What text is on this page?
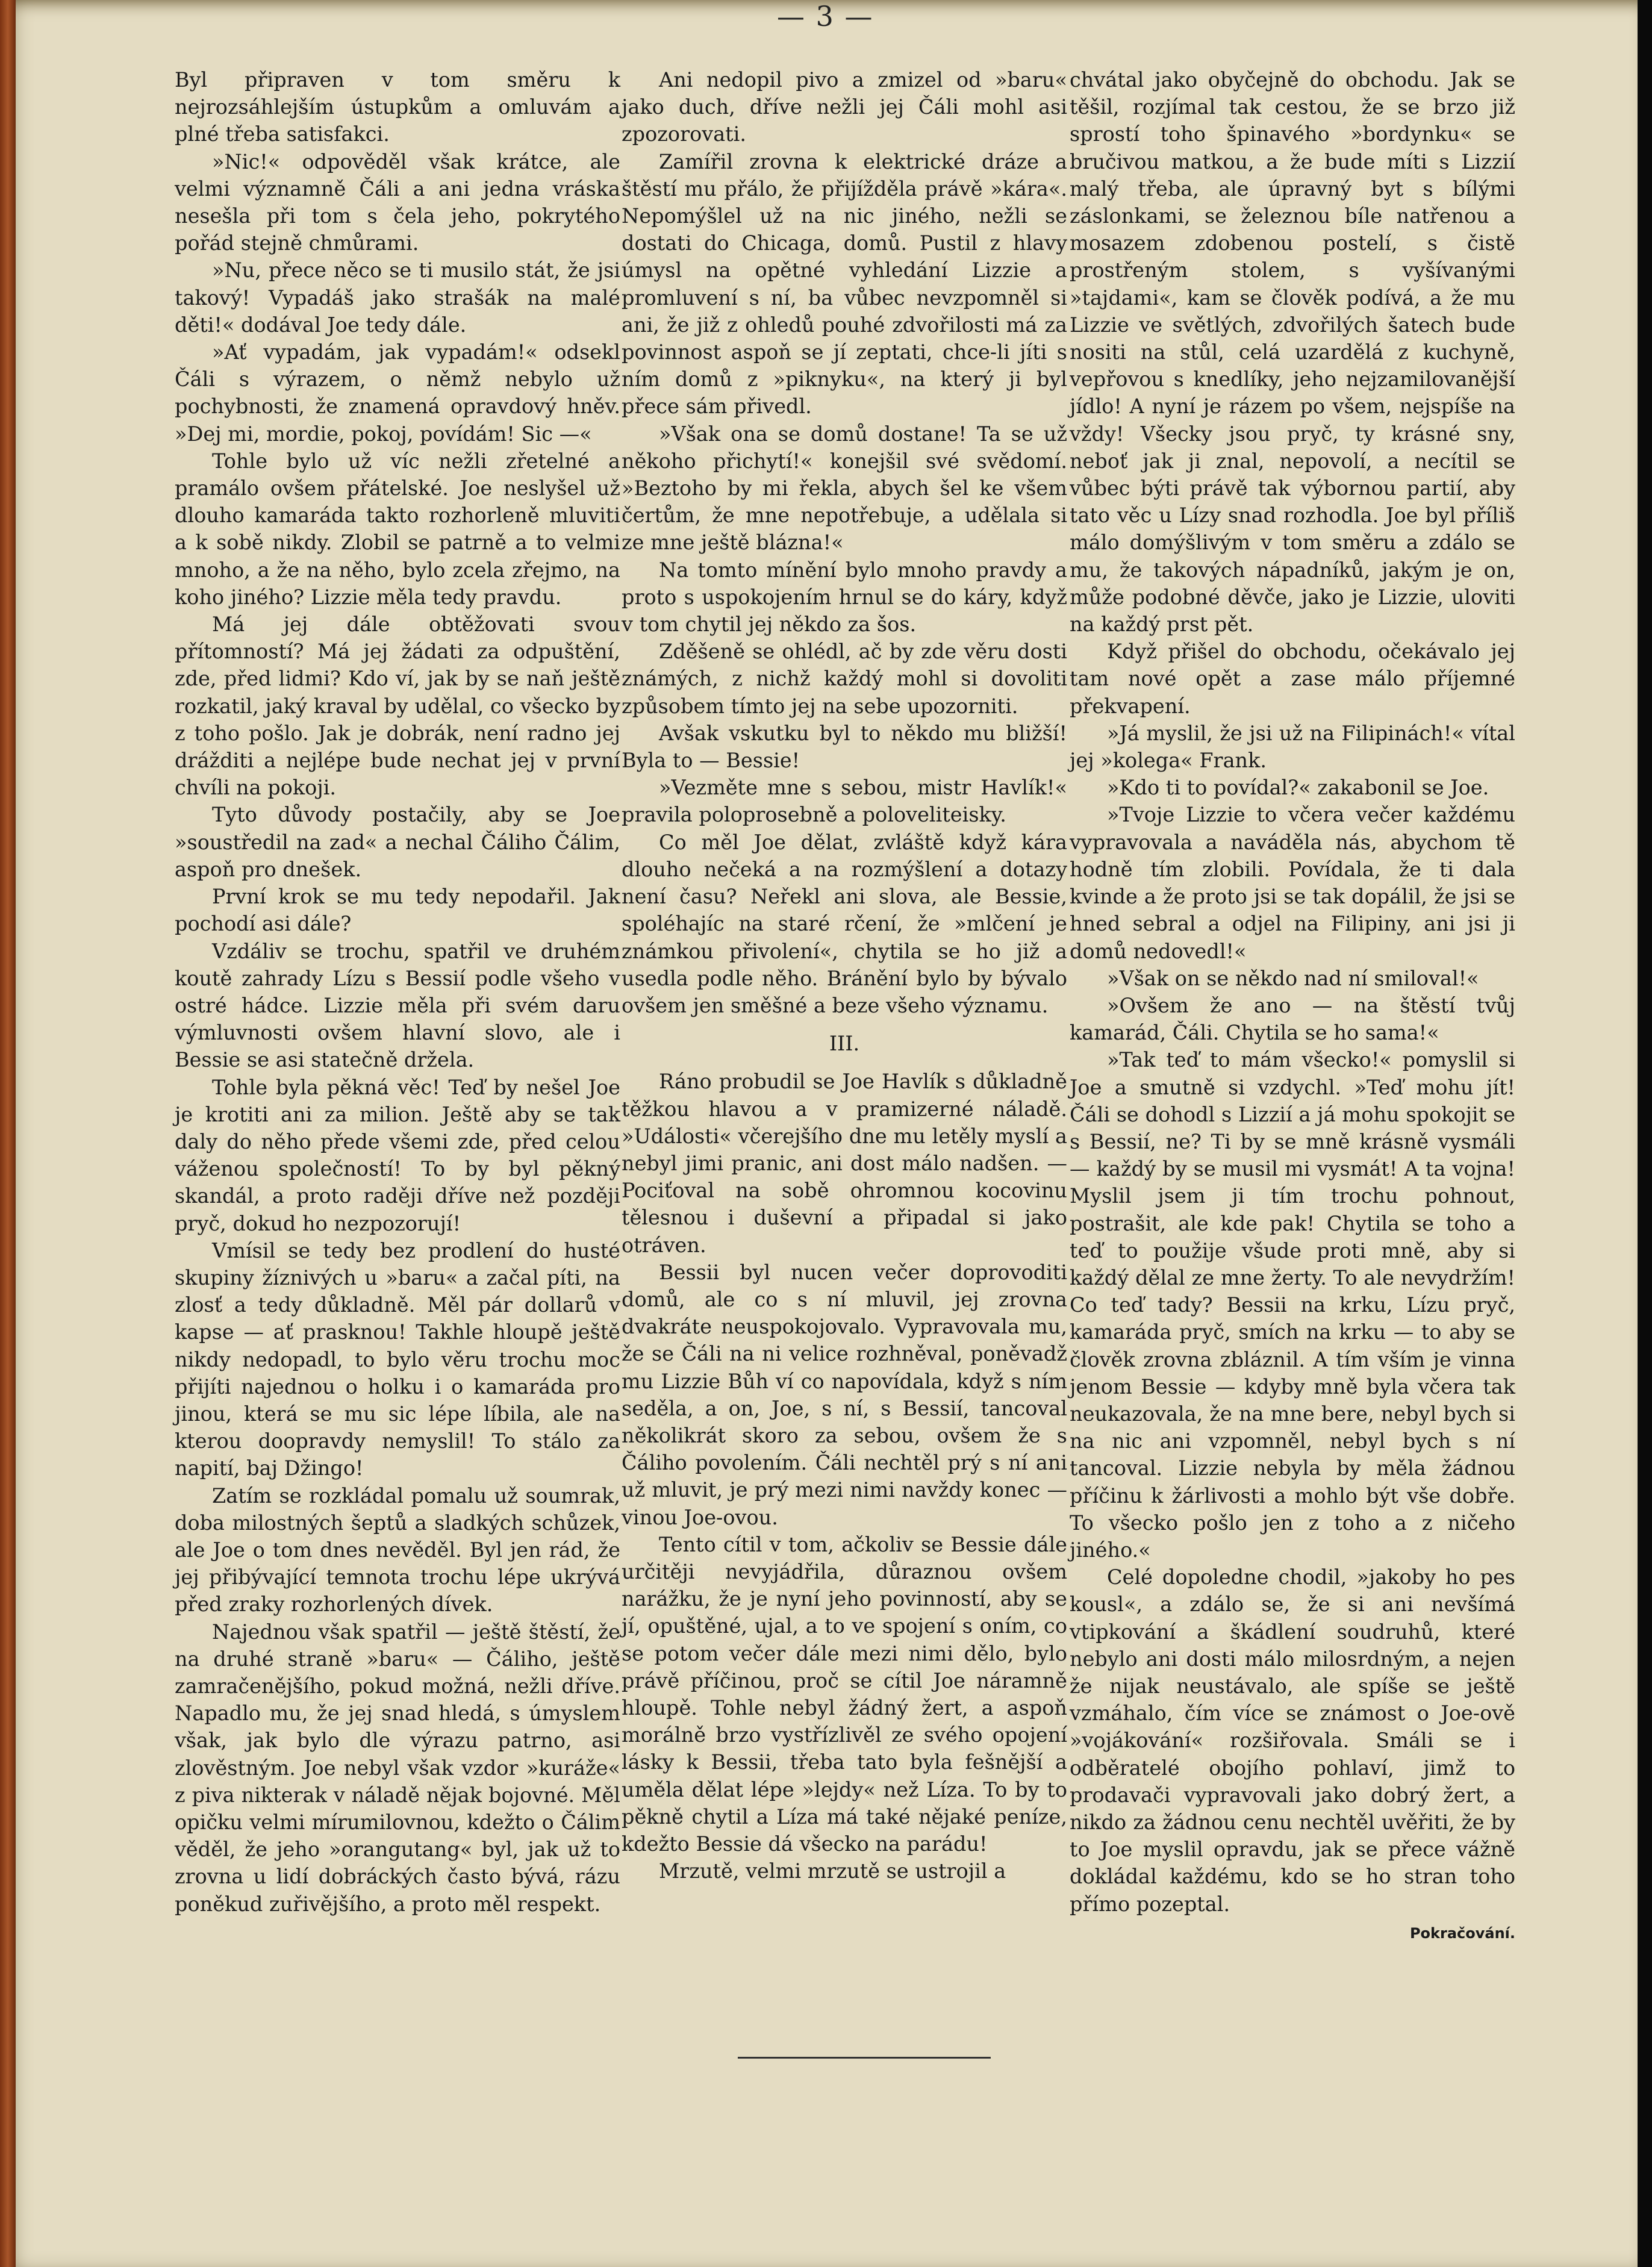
— 3 —

Byl připraven v tom směru k nejrozsáhlejším ústupkům a omluvám a plné třeba satisfakci.

»Nic!« odpověděl však krátce, ale velmi významně Čáli a ani jedna vráska nesešla při tom s čela jeho, pokrytého pořád stejně chmůrami.

»Nu, přece něco se ti musilo stát, že jsi takový! Vypadáš jako strašák na malé děti!« dodával Joe tedy dále.

»Ať vypadám, jak vypadám!« odsekl Čáli s výrazem, o němž nebylo už pochybnosti, že znamená opravdový hněv. »Dej mi, mordie, pokoj, povídám! Sic —«

Tohle bylo už víc nežli zřetelné a pramálo ovšem přátelské. Joe neslyšel už dlouho kamaráda takto rozhorleně mluviti a k sobě nikdy. Zlobil se patrně a to velmi mnoho, a že na něho, bylo zcela zřejmo, na koho jiného? Lizzie měla tedy pravdu.

Má jej dále obtěžovati svou přítomností? Má jej žádati za odpuštění, zde, před lidmi? Kdo ví, jak by se naň ještě rozkatil, jaký kraval by udělal, co všecko by z toho pošlo. Jak je dobrák, není radno jej drážditi a nejlépe bude nechat jej v první chvíli na pokoji.

Tyto důvody postačily, aby se Joe »soustředil na zad« a nechal Čáliho Čálim, aspoň pro dnešek.

První krok se mu tedy nepodařil. Jak pochodí asi dále?

Vzdáliv se trochu, spatřil ve druhém koutě zahrady Lízu s Bessií podle všeho v ostré hádce. Lizzie měla při svém daru výmluvnosti ovšem hlavní slovo, ale i Bessie se asi statečně držela.

Tohle byla pěkná věc! Teď by nešel Joe je krotiti ani za milion. Ještě aby se tak daly do něho přede všemi zde, před celou váženou společností! To by byl pěkný skandál, a proto raději dříve než později pryč, dokud ho nezpozorují!

Vmísil se tedy bez prodlení do husté skupiny žíznivých u »baru« a začal píti, na zlosť a tedy důkladně. Měl pár dollarů v kapse — ať prasknou! Takhle hloupě ještě nikdy nedopadl, to bylo věru trochu moc přijíti najednou o holku i o kamaráda pro jinou, která se mu sic lépe líbila, ale na kterou doopravdy nemyslil! To stálo za napití, baj Džingo!

Zatím se rozkládal pomalu už soumrak, doba milostných šeptů a sladkých schůzek, ale Joe o tom dnes nevěděl. Byl jen rád, že jej přibývající temnota trochu lépe ukrývá před zraky rozhorlených dívek.

Najednou však spatřil — ještě štěstí, že na druhé straně »baru« — Čáliho, ještě zamračenějšího, pokud možná, nežli dříve. Napadlo mu, že jej snad hledá, s úmyslem však, jak bylo dle výrazu patrno, asi zlověstným. Joe nebyl však vzdor »kuráže« z piva nikterak v náladě nějak bojovné. Měl opičku velmi mírumilovnou, kdežto o Čálim věděl, že jeho »orangutang« byl, jak už to zrovna u lidí dobráckých často bývá, rázu poněkud zuřivějšího, a proto měl respekt.

Ani nedopil pivo a zmizel od »baru« jako duch, dříve nežli jej Čáli mohl asi zpozorovati.

Zamířil zrovna k elektrické dráze a štěstí mu přálo, že přijížděla právě »kára«. Nepomýšlel už na nic jiného, nežli se dostati do Chicaga, domů. Pustil z hlavy úmysl na opětné vyhledání Lizzie a promluvení s ní, ba vůbec nevzpomněl si ani, že již z ohledů pouhé zdvořilosti má za povinnost aspoň se jí zeptati, chce-li jíti s ním domů z »piknyku«, na který ji byl přece sám přivedl.

»Však ona se domů dostane! Ta se už někoho přichytí!« konejšil své svědomí. »Beztoho by mi řekla, abych šel ke všem čertům, že mne nepotřebuje, a udělala si ze mne ještě blázna!«

Na tomto mínění bylo mnoho pravdy a proto s uspokojením hrnul se do káry, když v tom chytil jej někdo za šos.

Zděšeně se ohlédl, ač by zde věru dosti známých, z nichž každý mohl si dovoliti způsobem tímto jej na sebe upozorniti.

Avšak vskutku byl to někdo mu bližší! Byla to — Bessie!

»Vezměte mne s sebou, mistr Havlík!« pravila poloprosebně a poloveliteisky.

Co měl Joe dělat, zvláště když kára dlouho nečeká a na rozmýšlení a dotazy není času? Neřekl ani slova, ale Bessie, spoléhajíc na staré rčení, že »mlčení je známkou přivolení«, chytila se ho již a usedla podle něho. Bránění bylo by bývalo ovšem jen směšné a beze všeho významu.

III.

Ráno probudil se Joe Havlík s důkladně těžkou hlavou a v pramizerné náladě. »Události« včerejšího dne mu letěly myslí a nebyl jimi pranic, ani dost málo nadšen. — Pociťoval na sobě ohromnou kocovinu tělesnou i duševní a připadal si jako otráven.

Bessii byl nucen večer doprovoditi domů, ale co s ní mluvil, jej zrovna dvakráte neuspokojovalo. Vypravovala mu, že se Čáli na ni velice rozhněval, poněvadž mu Lizzie Bůh ví co napovídala, když s ním seděla, a on, Joe, s ní, s Bessií, tancoval několikrát skoro za sebou, ovšem že s Čáliho povolením. Čáli nechtěl prý s ní ani už mluvit, je prý mezi nimi navždy konec — vinou Joe-ovou.

Tento cítil v tom, ačkoliv se Bessie dále určitěji nevyjádřila, důraznou ovšem narážku, že je nyní jeho povinností, aby se jí, opuštěné, ujal, a to ve spojení s oním, co se potom večer dále mezi nimi dělo, bylo právě příčinou, proč se cítil Joe náramně hloupě. Tohle nebyl žádný žert, a aspoň morálně brzo vystřízlivěl ze svého opojení lásky k Bessii, třeba tato byla fešnější a uměla dělat lépe »lejdy« než Líza. To by to pěkně chytil a Líza má také nějaké peníze, kdežto Bessie dá všecko na parádu!

Mrzutě, velmi mrzutě se ustrojil a

chvátal jako obyčejně do obchodu. Jak se těšil, rozjímal tak cestou, že se brzo již sprostí toho špinavého »bordynku« se bručivou matkou, a že bude míti s Lizzií malý třeba, ale úpravný byt s bílými záslonkami, se železnou bíle natřenou a mosazem zdobenou postelí, s čistě prostřeným stolem, s vyšívanými »tajdami«, kam se člověk podívá, a že mu Lizzie ve světlých, zdvořilých šatech bude nositi na stůl, celá uzardělá z kuchyně, vepřovou s knedlíky, jeho nejzamilovanější jídlo! A nyní je rázem po všem, nejspíše na vždy! Všecky jsou pryč, ty krásné sny, neboť jak ji znal, nepovolí, a necítil se vůbec býti právě tak výbornou partií, aby tato věc u Lízy snad rozhodla. Joe byl příliš málo domýšlivým v tom směru a zdálo se mu, že takových nápadníků, jakým je on, může podobné děvče, jako je Lizzie, uloviti na každý prst pět.

Když přišel do obchodu, očekávalo jej tam nové opět a zase málo příjemné překvapení.

»Já myslil, že jsi už na Filipinách!« vítal jej »kolega« Frank.

»Kdo ti to povídal?« zakabonil se Joe.

»Tvoje Lizzie to včera večer každému vypravovala a naváděla nás, abychom tě hodně tím zlobili. Povídala, že ti dala kvinde a že proto jsi se tak dopálil, že jsi se hned sebral a odjel na Filipiny, ani jsi ji domů nedovedl!«

»Však on se někdo nad ní smiloval!«

»Ovšem že ano — na štěstí tvůj kamarád, Čáli. Chytila se ho sama!«

»Tak teď to mám všecko!« pomyslil si Joe a smutně si vzdychl. »Teď mohu jít! Čáli se dohodl s Lizzií a já mohu spokojit se s Bessií, ne? Ti by se mně krásně vysmáli — každý by se musil mi vysmát! A ta vojna! Myslil jsem ji tím trochu pohnout, postrašit, ale kde pak! Chytila se toho a teď to použije všude proti mně, aby si každý dělal ze mne žerty. To ale nevydržím! Co teď tady? Bessii na krku, Lízu pryč, kamaráda pryč, smích na krku — to aby se člověk zrovna zbláznil. A tím vším je vinna jenom Bessie — kdyby mně byla včera tak neukazovala, že na mne bere, nebyl bych si na nic ani vzpomněl, nebyl bych s ní tancoval. Lizzie nebyla by měla žádnou příčinu k žárlivosti a mohlo být vše dobře. To všecko pošlo jen z toho a z ničeho jiného.«

Celé dopoledne chodil, »jakoby ho pes kousl«, a zdálo se, že si ani nevšímá vtipkování a škádlení soudruhů, které nebylo ani dosti málo milosrdným, a nejen že nijak neustávalo, ale spíše se ještě vzmáhalo, čím více se známost o Joe-ově »vojákování« rozšiřovala. Smáli se i odběratelé obojího pohlaví, jimž to prodavači vypravovali jako dobrý žert, a nikdo za žádnou cenu nechtěl uvěřiti, že by to Joe myslil opravdu, jak se přece vážně dokládal každému, kdo se ho stran toho přímo pozeptal.

Pokračování.
